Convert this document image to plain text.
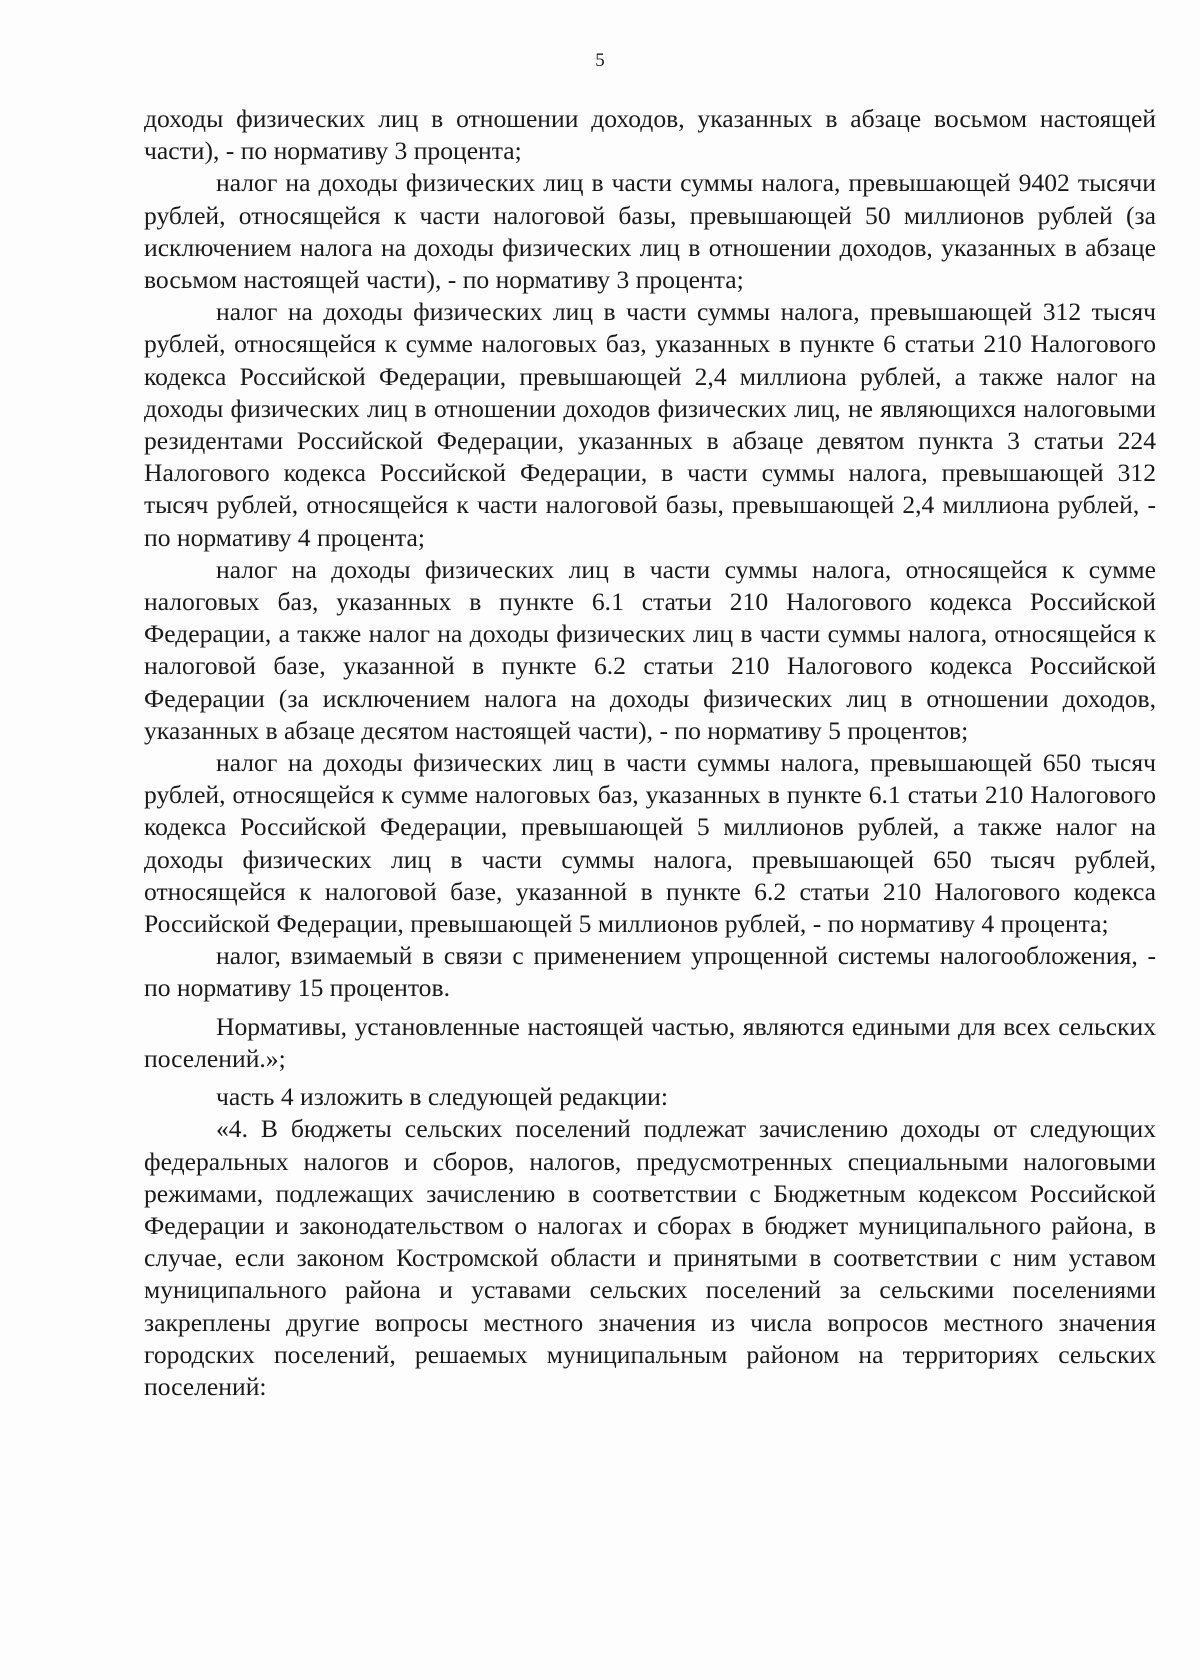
5

доходы физических лиц в отношении доходов, указанных в абзаце восьмом настоящей части), - по нормативу 3 процента;

налог на доходы физических лиц в части суммы налога, превышающей 9402 тысячи рублей, относящейся к части налоговой базы, превышающей 50 миллионов рублей (за исключением налога на доходы физических лиц в отношении доходов, указанных в абзаце восьмом настоящей части), - по нормативу 3 процента;

налог на доходы физических лиц в части суммы налога, превышающей 312 тысяч рублей, относящейся к сумме налоговых баз, указанных в пункте 6 статьи 210 Налогового кодекса Российской Федерации, превышающей 2,4 миллиона рублей, а также налог на доходы физических лиц в отношении доходов физических лиц, не являющихся налоговыми резидентами Российской Федерации, указанных в абзаце девятом пункта 3 статьи 224 Налогового кодекса Российской Федерации, в части суммы налога, превышающей 312 тысяч рублей, относящейся к части налоговой базы, превышающей 2,4 миллиона рублей, - по нормативу 4 процента;

налог на доходы физических лиц в части суммы налога, относящейся к сумме налоговых баз, указанных в пункте 6.1 статьи 210 Налогового кодекса Российской Федерации, а также налог на доходы физических лиц в части суммы налога, относящейся к налоговой базе, указанной в пункте 6.2 статьи 210 Налогового кодекса Российской Федерации (за исключением налога на доходы физических лиц в отношении доходов, указанных в абзаце десятом настоящей части), - по нормативу 5 процентов;

налог на доходы физических лиц в части суммы налога, превышающей 650 тысяч рублей, относящейся к сумме налоговых баз, указанных в пункте 6.1 статьи 210 Налогового кодекса Российской Федерации, превышающей 5 миллионов рублей, а также налог на доходы физических лиц в части суммы налога, превышающей 650 тысяч рублей, относящейся к налоговой базе, указанной в пункте 6.2 статьи 210 Налогового кодекса Российской Федерации, превышающей 5 миллионов рублей, - по нормативу 4 процента;

налог, взимаемый в связи с применением упрощенной системы налогообложения, - по нормативу 15 процентов.

Нормативы, установленные настоящей частью, являются едиными для всех сельских поселений.»;

часть 4 изложить в следующей редакции:

«4. В бюджеты сельских поселений подлежат зачислению доходы от следующих федеральных налогов и сборов, налогов, предусмотренных специальными налоговыми режимами, подлежащих зачислению в соответствии с Бюджетным кодексом Российской Федерации и законодательством о налогах и сборах в бюджет муниципального района, в случае, если законом Костромской области и принятыми в соответствии с ним уставом муниципального района и уставами сельских поселений за сельскими поселениями закреплены другие вопросы местного значения из числа вопросов местного значения городских поселений, решаемых муниципальным районом на территориях сельских поселений:
